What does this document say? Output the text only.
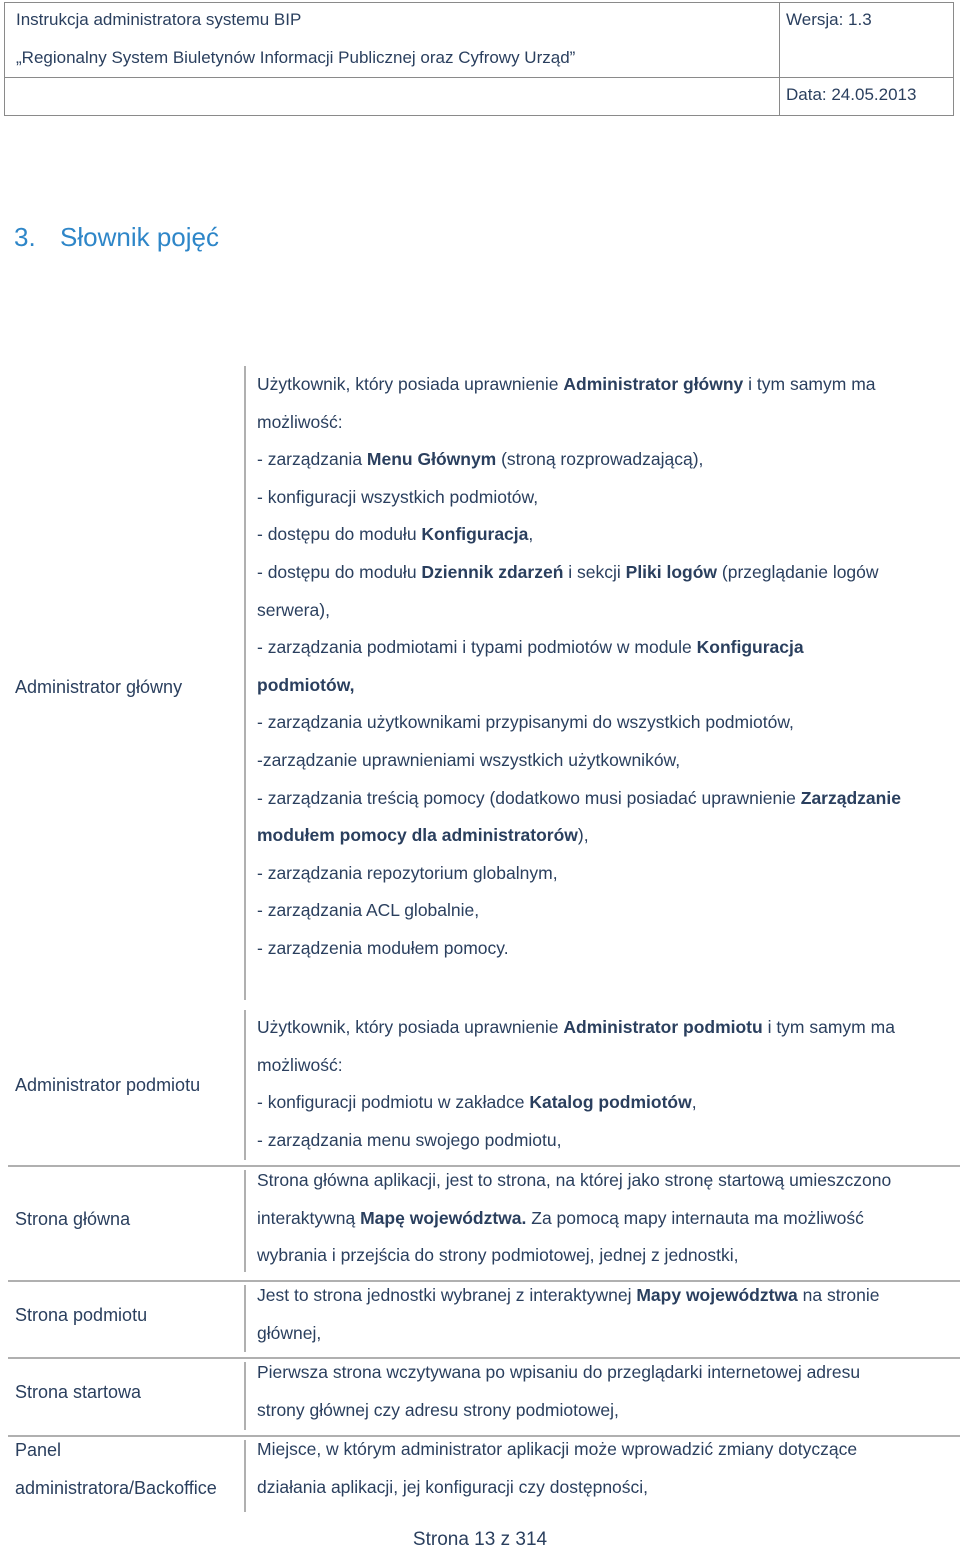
Instrukcja administratora systemu BIP
„Regionalny System Biuletynów Informacji Publicznej oraz Cyfrowy Urząd”
Wersja: 1.3
Data: 24.05.2013
3. Słownik pojęć
Administrator główny
Użytkownik, który posiada uprawnienie Administrator główny i tym samym ma
możliwość:
- zarządzania Menu Głównym (stroną rozprowadzającą),
- konfiguracji wszystkich podmiotów,
- dostępu do modułu Konfiguracja,
- dostępu do modułu Dziennik zdarzeń i sekcji Pliki logów (przeglądanie logów
serwera),
- zarządzania podmiotami i typami podmiotów w module Konfiguracja
podmiotów,
- zarządzania użytkownikami przypisanymi do wszystkich podmiotów,
-zarządzanie uprawnieniami wszystkich użytkowników,
- zarządzania treścią pomocy (dodatkowo musi posiadać uprawnienie Zarządzanie
modułem pomocy dla administratorów),
- zarządzania repozytorium globalnym,
- zarządzania ACL globalnie,
- zarządzenia modułem pomocy.
Administrator podmiotu
Użytkownik, który posiada uprawnienie Administrator podmiotu i tym samym ma
możliwość:
- konfiguracji podmiotu w zakładce Katalog podmiotów,
- zarządzania menu swojego podmiotu,
Strona główna
Strona główna aplikacji, jest to strona, na której jako stronę startową umieszczono
interaktywną Mapę województwa. Za pomocą mapy internauta ma możliwość
wybrania i przejścia do strony podmiotowej, jednej z jednostki,
Strona podmiotu
Jest to strona jednostki wybranej z interaktywnej Mapy województwa na stronie
głównej,
Strona startowa
Pierwsza strona wczytywana po wpisaniu do przeglądarki internetowej adresu
strony głównej czy adresu strony podmiotowej,
Panel
administratora/Backoffice
Miejsce, w którym administrator aplikacji może wprowadzić zmiany dotyczące
działania aplikacji, jej konfiguracji czy dostępności,
Strona 13 z 314
